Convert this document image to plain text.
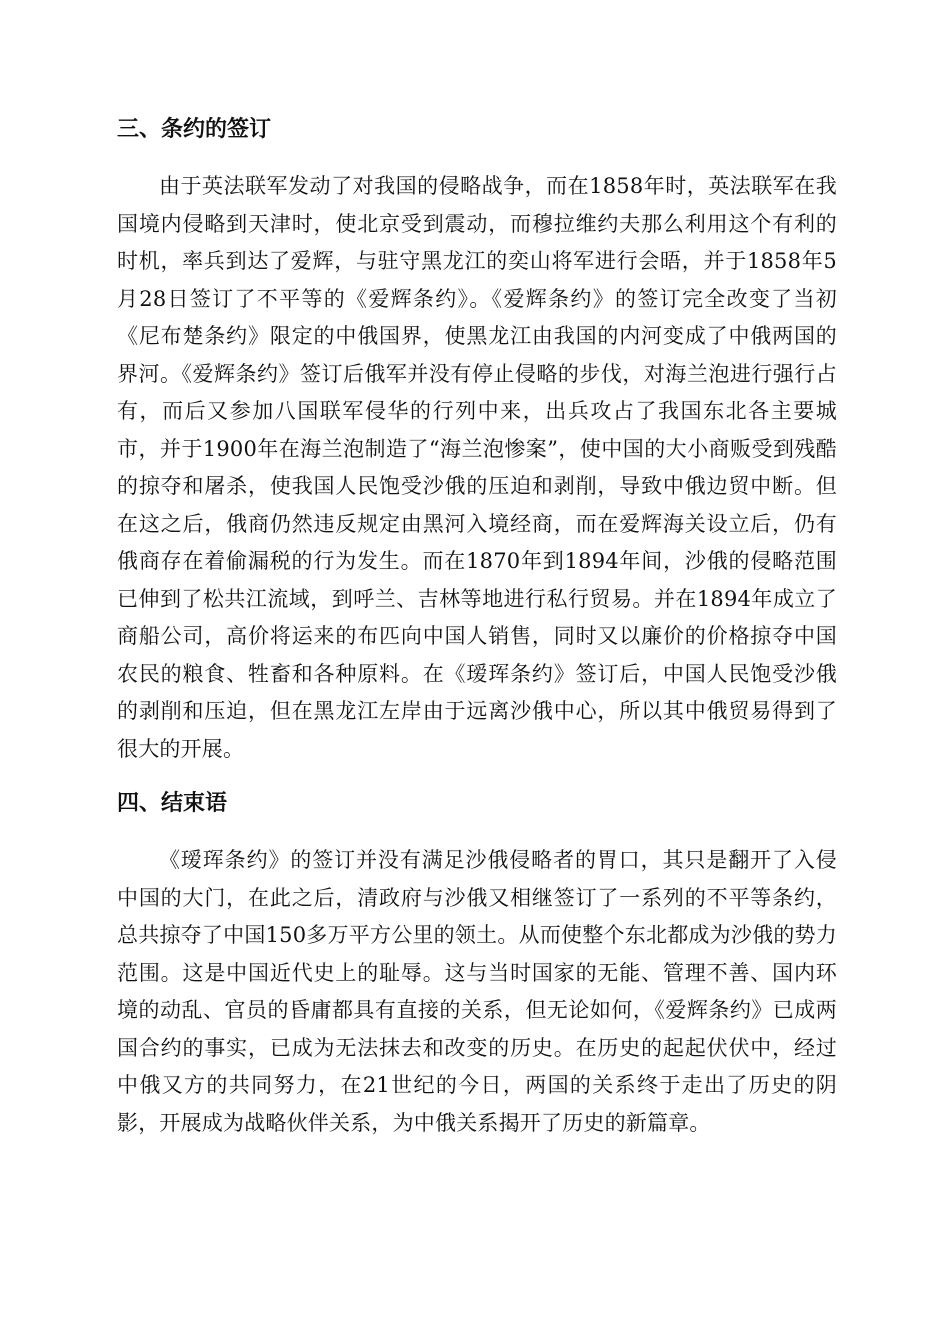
三、条约的签订

由于英法联军发动了对我国的侵略战争，而在1858年时，英法联军在我国境内侵略到天津时，使北京受到震动，而穆拉维约夫那么利用这个有利的时机，率兵到达了爱辉，与驻守黑龙江的奕山将军进行会晤，并于1858年5月28日签订了不平等的《爱辉条约》。《爱辉条约》的签订完全改变了当初《尼布楚条约》限定的中俄国界，使黑龙江由我国的内河变成了中俄两国的界河。《爱辉条约》签订后俄军并没有停止侵略的步伐，对海兰泡进行强行占有，而后又参加八国联军侵华的行列中来，出兵攻占了我国东北各主要城市，并于1900年在海兰泡制造了“海兰泡惨案”，使中国的大小商贩受到残酷的掠夺和屠杀，使我国人民饱受沙俄的压迫和剥削，导致中俄边贸中断。但在这之后，俄商仍然违反规定由黑河入境经商，而在爱辉海关设立后，仍有俄商存在着偷漏税的行为发生。而在1870年到1894年间，沙俄的侵略范围已伸到了松共江流域，到呼兰、吉林等地进行私行贸易。并在1894年成立了商船公司，高价将运来的布匹向中国人销售，同时又以廉价的价格掠夺中国农民的粮食、牲畜和各种原料。在《瑷珲条约》签订后，中国人民饱受沙俄的剥削和压迫，但在黑龙江左岸由于远离沙俄中心，所以其中俄贸易得到了很大的开展。

四、结束语

《瑷珲条约》的签订并没有满足沙俄侵略者的胃口，其只是翻开了入侵中国的大门，在此之后，清政府与沙俄又相继签订了一系列的不平等条约，总共掠夺了中国150多万平方公里的领土。从而使整个东北都成为沙俄的势力范围。这是中国近代史上的耻辱。这与当时国家的无能、管理不善、国内环境的动乱、官员的昏庸都具有直接的关系，但无论如何，《爱辉条约》已成两国合约的事实，已成为无法抹去和改变的历史。在历史的起起伏伏中，经过中俄又方的共同努力，在21世纪的今日，两国的关系终于走出了历史的阴影，开展成为战略伙伴关系，为中俄关系揭开了历史的新篇章。
